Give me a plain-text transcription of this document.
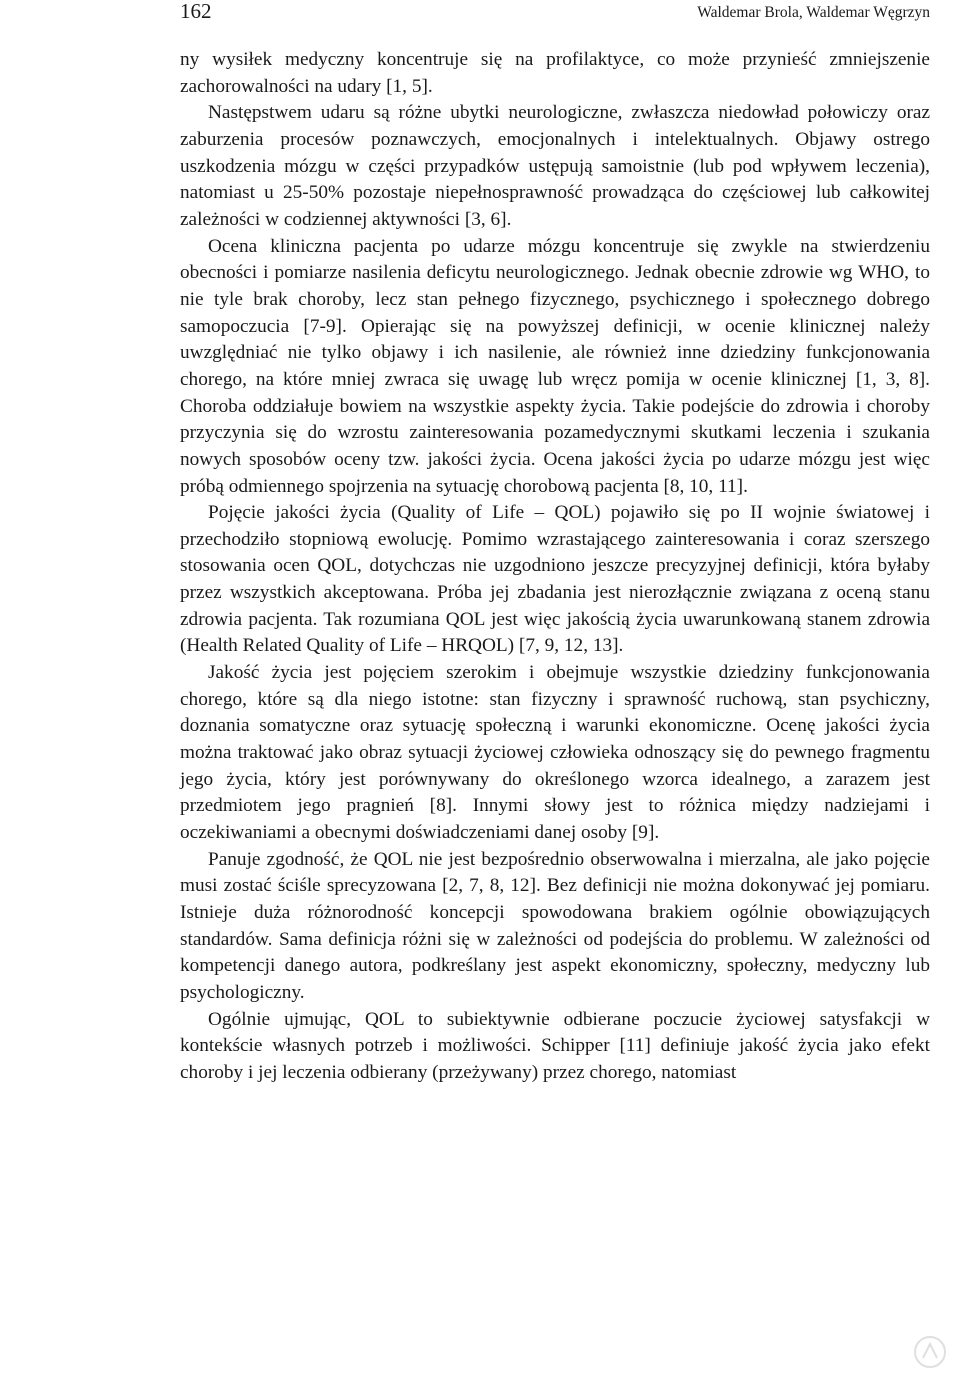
162	Waldemar Brola, Waldemar Węgrzyn

ny wysiłek medyczny koncentruje się na profilaktyce, co może przynieść zmniejszenie zachorowalności na udary [1, 5].

Następstwem udaru są różne ubytki neurologiczne, zwłaszcza niedowład połowiczy oraz zaburzenia procesów poznawczych, emocjonalnych i intelektualnych. Objawy ostrego uszkodzenia mózgu w części przypadków ustępują samoistnie (lub pod wpływem leczenia), natomiast u 25-50% pozostaje niepełnosprawność prowadząca do częściowej lub całkowitej zależności w codziennej aktywności [3, 6].

Ocena kliniczna pacjenta po udarze mózgu koncentruje się zwykle na stwierdzeniu obecności i pomiarze nasilenia deficytu neurologicznego. Jednak obecnie zdrowie wg WHO, to nie tyle brak choroby, lecz stan pełnego fizycznego, psychicznego i społecznego dobrego samopoczucia [7-9]. Opierając się na powyższej definicji, w ocenie klinicznej należy uwzględniać nie tylko objawy i ich nasilenie, ale również inne dziedziny funkcjonowania chorego, na które mniej zwraca się uwagę lub wręcz pomija w ocenie klinicznej [1, 3, 8]. Choroba oddziałuje bowiem na wszystkie aspekty życia. Takie podejście do zdrowia i choroby przyczynia się do wzrostu zainteresowania pozamedycznymi skutkami leczenia i szukania nowych sposobów oceny tzw. jakości życia. Ocena jakości życia po udarze mózgu jest więc próbą odmiennego spojrzenia na sytuację chorobową pacjenta [8, 10, 11].

Pojęcie jakości życia (Quality of Life – QOL) pojawiło się po II wojnie światowej i przechodziło stopniową ewolucję. Pomimo wzrastającego zainteresowania i coraz szerszego stosowania ocen QOL, dotychczas nie uzgodniono jeszcze precyzyjnej definicji, która byłaby przez wszystkich akceptowana. Próba jej zbadania jest nierozłącznie związana z oceną stanu zdrowia pacjenta. Tak rozumiana QOL jest więc jakością życia uwarunkowaną stanem zdrowia (Health Related Quality of Life – HRQOL) [7, 9, 12, 13].

Jakość życia jest pojęciem szerokim i obejmuje wszystkie dziedziny funkcjonowania chorego, które są dla niego istotne: stan fizyczny i sprawność ruchową, stan psychiczny, doznania somatyczne oraz sytuację społeczną i warunki ekonomiczne. Ocenę jakości życia można traktować jako obraz sytuacji życiowej człowieka odnoszący się do pewnego fragmentu jego życia, który jest porównywany do określonego wzorca idealnego, a zarazem jest przedmiotem jego pragnień [8]. Innymi słowy jest to różnica między nadziejami i oczekiwaniami a obecnymi doświadczeniami danej osoby [9].

Panuje zgodność, że QOL nie jest bezpośrednio obserwowalna i mierzalna, ale jako pojęcie musi zostać ściśle sprecyzowana [2, 7, 8, 12]. Bez definicji nie można dokonywać jej pomiaru. Istnieje duża różnorodność koncepcji spowodowana brakiem ogólnie obowiązujących standardów. Sama definicja różni się w zależności od podejścia do problemu. W zależności od kompetencji danego autora, podkreślany jest aspekt ekonomiczny, społeczny, medyczny lub psychologiczny.

Ogólnie ujmując, QOL to subiektywnie odbierane poczucie życiowej satysfakcji w kontekście własnych potrzeb i możliwości. Schipper [11] definiuje jakość życia jako efekt choroby i jej leczenia odbierany (przeżywany) przez chorego, natomiast
